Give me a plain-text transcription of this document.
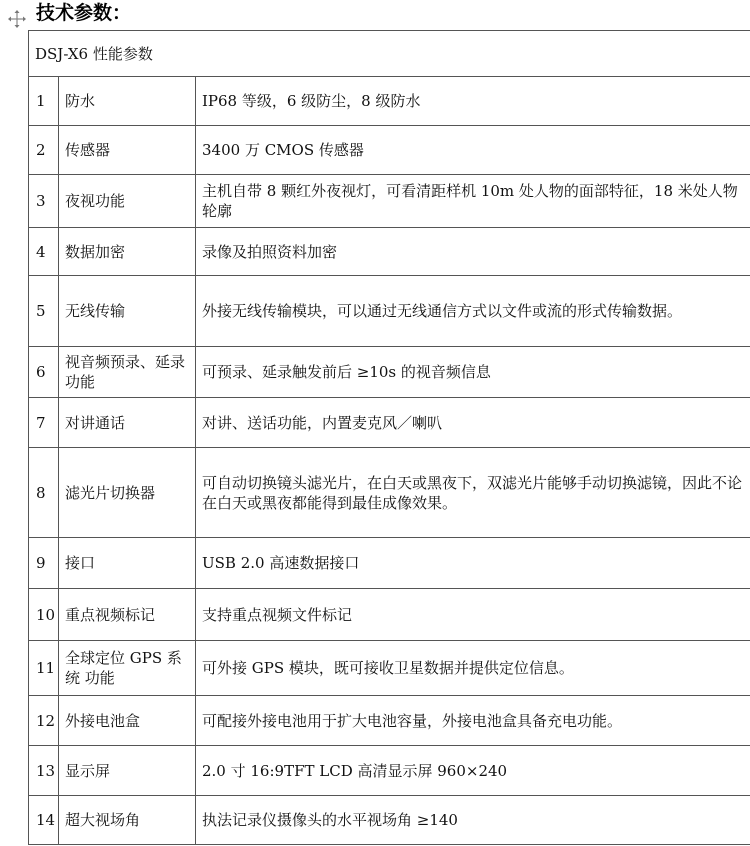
技术参数：
DSJ-X6 性能参数		
1	防水	IP68 等级，6 级防尘，8 级防水
2	传感器	3400 万 CMOS 传感器
3	夜视功能	主机自带 8 颗红外夜视灯，可看清距样机 10m 处人物的面部特征，18 米处人物轮廓
4	数据加密	录像及拍照资料加密
5	无线传输	外接无线传输模块，可以通过无线通信方式以文件或流的形式传输数据。
6	视音频预录、延录功能	可预录、延录触发前后 ≥10s 的视音频信息
7	对讲通话	对讲、送话功能，内置麦克风／喇叭
8	滤光片切换器	可自动切换镜头滤光片，在白天或黑夜下，双滤光片能够手动切换滤镜，因此不论在白天或黑夜都能得到最佳成像效果。
9	接口	USB 2.0 高速数据接口
10	重点视频标记	支持重点视频文件标记
11	全球定位 GPS 系统 功能	可外接 GPS 模块，既可接收卫星数据并提供定位信息。
12	外接电池盒	可配接外接电池用于扩大电池容量，外接电池盒具备充电功能。
13	显示屏	2.0 寸 16:9TFT LCD 高清显示屏 960×240
14	超大视场角	执法记录仪摄像头的水平视场角 ≥140
